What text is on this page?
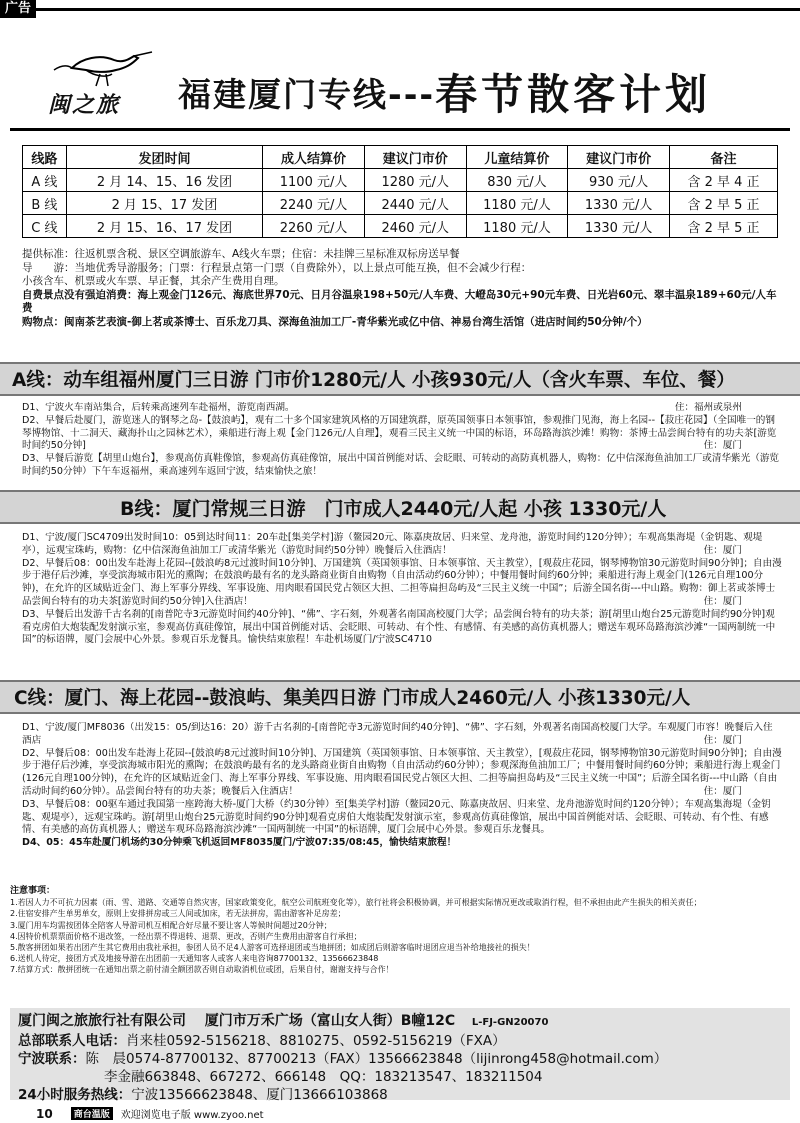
广告
闽之旅 福建厦门专线--- 春节散客计划
线路	发团时间	成人结算价	建议门市价	儿童结算价	建议门市价	备注
A 线	2 月 14、15、16 发团	1100 元/人	1280 元/人	830 元/人	930 元/人	含 2 早 4 正
B 线	2 月 15、17 发团	2240 元/人	2440 元/人	1180 元/人	1330 元/人	含 2 早 5 正
C 线	2 月 15、16、17 发团	2260 元/人	2460 元/人	1180 元/人	1330 元/人	含 2 早 5 正

提供标准：往返机票含税、景区空调旅游车、A线火车票；住宿：未挂牌三星标准双标房送早餐

导　　游：当地优秀导游服务；门票：行程景点第一门票（自费除外），以上景点可能互换，但不会减少行程：

小孩含车、机票或火车票、早正餐，其余产生费用自理。

自费景点没有强迫消费：海上观金门126元、海底世界70元、日月谷温泉198+50元/人车费、大嶝岛30元+90元车费、日光岩60元、翠丰温泉189+60元/人车费

购物点：闽南茶艺表演-御上茗或茶博士、百乐龙刀具、深海鱼油加工厂-青华紫光或亿中信、神易台湾生活馆（进店时间约50分钟/个）

A线：动车组福州厦门三日游 门市价1280元/人 小孩930元/人（含火车票、车位、餐）

D1、宁波火车南站集合，后转乘高速列车赴福州，游览南西湖。	住：福州或泉州

D2、早餐后赴厦门，游览迷人的钢琴之岛-【鼓浪屿】，观有二十多个国家建筑风格的万国建筑群，原英国领事日本领事馆，参观推门见海，海上名园--【菽庄花园】（全国唯一的钢琴博物馆、十二洞天、藏海扑山之园林艺术），乘船进行海上观【金门126元/人自理】，观看三民主义统一中国的标语，环岛路海滨沙滩！购物：茶博士品尝闽台特有的功夫茶[游览时间约50分钟]	住：厦门

D3、早餐后游览【胡里山炮台】，参观高仿真鞋像馆，参观高仿真硅像馆，展出中国首例能对话、会眨眼、可转动的高防真机器人，购物：亿中信深海鱼油加工厂或清华紫光（游览时间约50分钟）下午车返福州，乘高速列车返回宁波，结束愉快之旅！

B线：厦门常规三日游　门市成人2440元/人起 小孩 1330元/人

D1、宁波/厦门SC4709出发时间10：05到达时间11：20车赴[集美学村]游（鳌园20元、陈嘉庚故居、归来堂、龙舟池，游览时间约120分钟）；车观高集海堤（金钥匙、观堤亭），远观宝珠屿，购物：亿中信深海鱼油加工厂或清华紫光（游览时间约50分钟）晚餐后入住酒店！	住：厦门

D2、早餐后08：00出发车赴海上花园--[鼓浪屿8元过渡时间10分钟]、万国建筑（英国领事馆、日本领事馆、天主教堂），[观菽庄花园，钢琴博物馆30元游览时间90分钟]；自由漫步于港仔后沙滩，享受滨海城市阳光的熏陶；在鼓浪屿最有名的龙头路商业街自由购物（自由活动约60分钟）；中餐用餐时间约60分钟；乘船进行海上观金门(126元自理100分钟)，在允许的区域贴近金门、海上军事分界线、军事设施、用肉眼看国民党占领区大担、二担等扁担岛屿及“三民主义统一中国”；后游全国名街---中山路。购物：御上茗或茶博士品尝闽台特有的功夫茶[游览时间约50分钟]入住酒店！	住：厦门

D3、早餐后出发游千古名刹的[南普陀寺3元游览时间约40分钟]、“佛”、字石刻，外观著名南国高校厦门大学；品尝闽台特有的功夫茶；游[胡里山炮台25元游览时间约90分钟]观看克虏伯大炮装配发射演示室，参观高仿真硅像馆，展出中国首例能对话、会眨眼、可转动、有个性、有感情、有美感的高仿真机器人；赠送车观环岛路海滨沙滩“一国两制统一中国”的标语牌，厦门会展中心外景。参观百乐龙餐具。愉快结束旅程！车赴机场厦门/宁波SC4710

C线：厦门、海上花园--鼓浪屿、集美四日游 门市成人2460元/人 小孩1330元/人

D1、宁波/厦门MF8036（出发15：05/到达16：20）游千古名刹的-[南普陀寺3元游览时间约40分钟]、“佛”、字石刻，外观著名南国高校厦门大学。车观厦门市容！晚餐后入住酒店	住：厦门

D2、早餐后08：00出发车赴海上花园--[鼓浪屿8元过渡时间10分钟]、万国建筑（英国领事馆、日本领事馆、天主教堂），[观菽庄花园，钢琴博物馆30元游览时间90分钟]；自由漫步于港仔后沙滩，享受滨海城市阳光的熏陶；在鼓浪屿最有名的龙头路商业街自由购物（自由活动约60分钟）；参观深海鱼油加工厂；中餐用餐时间约60分钟；乘船进行海上观金门(126元自理100分钟)，在允许的区域贴近金门、海上军事分界线、军事设施、用肉眼看国民党占领区大担、二担等扁担岛屿及“三民主义统一中国”；后游全国名街---中山路（自由活动时间约60分钟）。品尝闽台特有的功夫茶；晚餐后入住酒店！	住：厦门

D3、早餐后08：00驱车通过我国第一座跨海大桥-厦门大桥（约30分钟）至[集美学村]游（鳌园20元、陈嘉庚故居、归来堂、龙舟池游览时间约120分钟）；车观高集海堤（金钥匙、观堤亭），远观宝珠屿。游[胡里山炮台25元游览时间约90分钟]观看克虏伯大炮装配发射演示室，参观高仿真硅像馆，展出中国首例能对话、会眨眼、可转动、有个性、有感情、有美感的高仿真机器人；赠送车观环岛路海滨沙滩“一国两制统一中国”的标语牌，厦门会展中心外景。参观百乐龙餐具。

D4、05：45车赴厦门机场约30分钟乘飞机返回MF8035厦门/宁波07:35/08:45，愉快结束旅程！

注意事项：
1.若因人力不可抗力因素（雨、雪、道路、交通等自然灾害，国家政策变化，航空公司航班变化等），旅行社将会积极协调，并可根据实际情况更改或取消行程，但不承担由此产生损失的相关责任；
2.住宿安排产生单男单女，原则上安排拼房或三人间或加床，若无法拼房，需由游客补足房差；
3.厦门用车均需按团体全陪客人导游司机互相配合好尽量不要让客人等候时间超过20分钟；
4.因特价机票票面价格不退改签，一经出票不得退转、退票、更改，否则产生费用由游客自行承担；
5.散客拼团如果若出团产生其它费用由我社承担，参团人员不足4人游客可选择退团或当地拼团；如成团后则游客临时退团应退当补给地接社的损失！
6.送机人待定，接团方式及地接导游在出团前一天通知客人或客人来电咨询87700132、13566623848
7.结算方式：散拼团统一在通知出票之前付清全额团款否则自动取消机位或团，后果自付，谢谢支持与合作！
厦门闽之旅旅行社有限公司 厦门市万禾广场（富山女人街）B幢12C L-FJ-GN20070
总部联系人电话：肖来桂0592-5156218、8810275、0592-5156219（FXA）
宁波联系：陈　晨0574-87700132、87700213（FAX）13566623848（lijinrong458@hotmail.com）
李金融663848、667272、666148　QQ：183213547、183211504
24小时服务热线：宁波13566623848、厦门13666103868
10	商台温版	欢迎浏览电子版 www.zyoo.net
